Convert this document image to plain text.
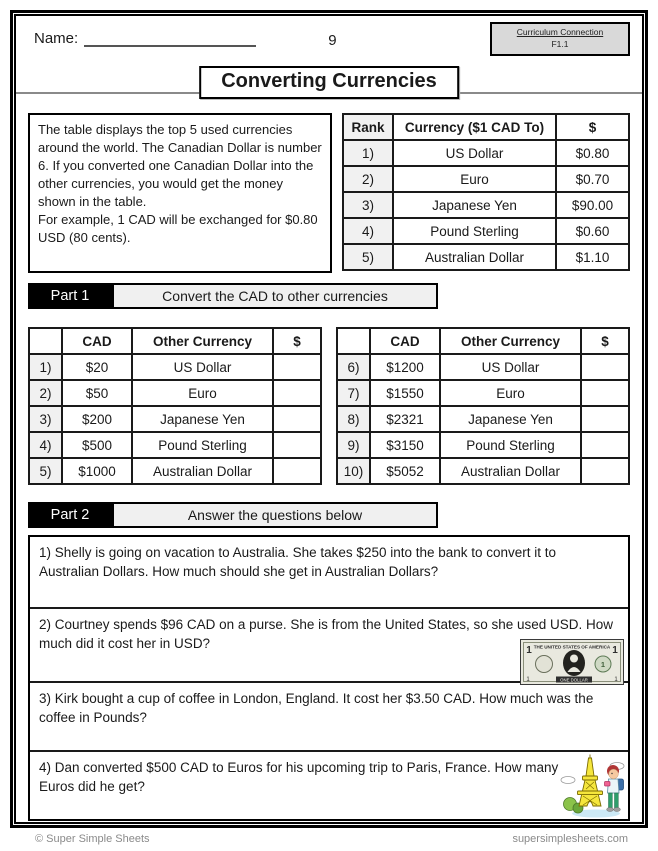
Name:	9	Curriculum Connection
F1.1
Converting Currencies
The table displays the top 5 used currencies around the world. The Canadian Dollar is number 6. If you converted one Canadian Dollar into the other currencies, you would get the money shown in the table.
For example, 1 CAD will be exchanged for $0.80 USD (80 cents).
Rank	Currency ($1 CAD To)	$
1)	US Dollar	$0.80
2)	Euro	$0.70
3)	Japanese Yen	$90.00
4)	Pound Sterling	$0.60
5)	Australian Dollar	$1.10
Part 1	Convert the CAD to other currencies
	CAD	Other Currency	$
1)	$20	US Dollar	
2)	$50	Euro	
3)	$200	Japanese Yen	
4)	$500	Pound Sterling	
5)	$1000	Australian Dollar	
	CAD	Other Currency	$
6)	$1200	US Dollar	
7)	$1550	Euro	
8)	$2321	Japanese Yen	
9)	$3150	Pound Sterling	
10)	$5052	Australian Dollar	
Part 2	Answer the questions below
1) Shelly is going on vacation to Australia. She takes $250 into the bank to convert it to Australian Dollars. How much should she get in Australian Dollars?
2) Courtney spends $96 CAD on a purse. She is from the United States, so she used USD. How much did it cost her in USD?	THE UNITED STATES OF AMERICA
1	1
1	1
1
ONE DOLLAR
3) Kirk bought a cup of coffee in London, England. It cost her $3.50 CAD. How much was the coffee in Pounds?
4) Dan converted $500 CAD to Euros for his upcoming trip to Paris, France. How many Euros did he get?
© Super Simple Sheets	supersimplesheets.com
